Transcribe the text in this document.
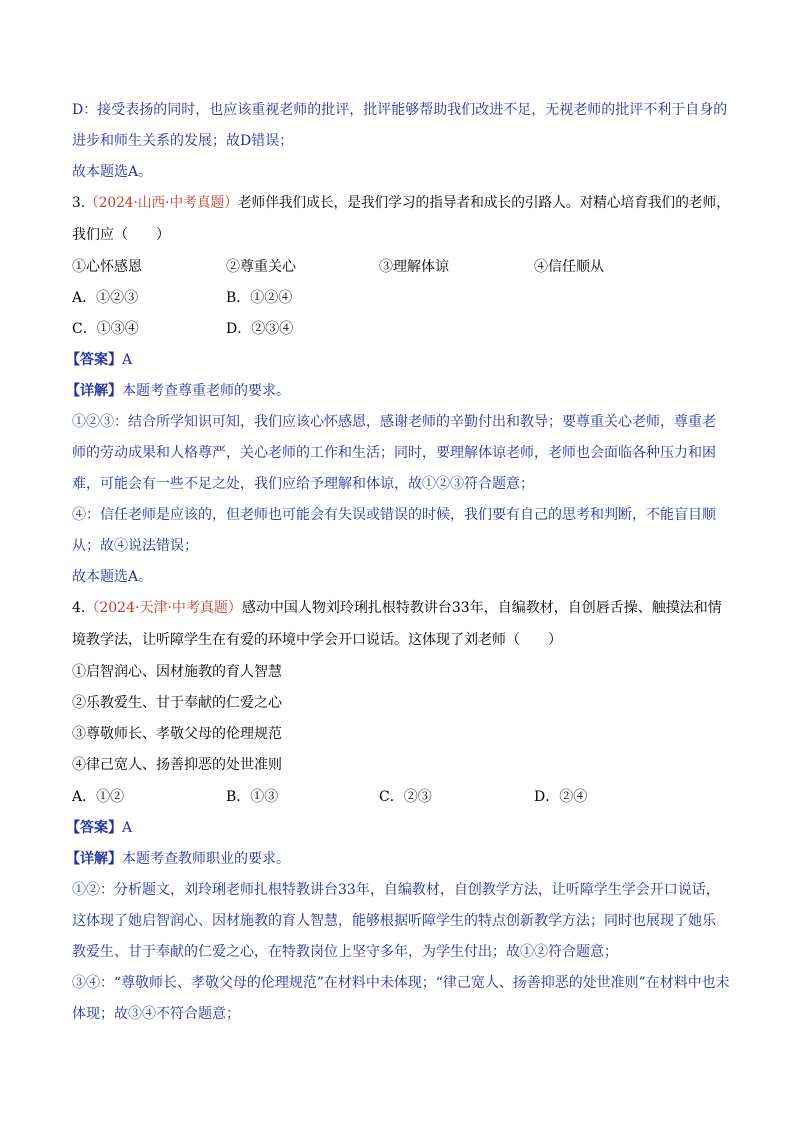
D：接受表扬的同时，也应该重视老师的批评，批评能够帮助我们改进不足，无视老师的批评不利于自身的
进步和师生关系的发展；故D错误；
故本题选A。
3.（2024·山西·中考真题）老师伴我们成长，是我们学习的指导者和成长的引路人。对精心培育我们的老师，
我们应（　　）
①心怀感恩	②尊重关心	③理解体谅	④信任顺从
A．①②③	B．①②④
C．①③④	D．②③④
【答案】A
【详解】本题考查尊重老师的要求。
①②③：结合所学知识可知，我们应该心怀感恩，感谢老师的辛勤付出和教导；要尊重关心老师，尊重老
师的劳动成果和人格尊严，关心老师的工作和生活；同时，要理解体谅老师，老师也会面临各种压力和困
难，可能会有一些不足之处，我们应给予理解和体谅，故①②③符合题意；
④：信任老师是应该的，但老师也可能会有失误或错误的时候，我们要有自己的思考和判断，不能盲目顺
从；故④说法错误；
故本题选A。
4.（2024·天津·中考真题）感动中国人物刘玲琍扎根特教讲台33年，自编教材，自创唇舌操、触摸法和情
境教学法，让听障学生在有爱的环境中学会开口说话。这体现了刘老师（　　）
①启智润心、因材施教的育人智慧
②乐教爱生、甘于奉献的仁爱之心
③尊敬师长、孝敬父母的伦理规范
④律己宽人、扬善抑恶的处世准则
A．①②	B．①③	C．②③	D．②④
【答案】A
【详解】本题考查教师职业的要求。
①②：分析题文，刘玲琍老师扎根特教讲台33年，自编教材，自创教学方法，让听障学生学会开口说话，
这体现了她启智润心、因材施教的育人智慧，能够根据听障学生的特点创新教学方法；同时也展现了她乐
教爱生、甘于奉献的仁爱之心，在特教岗位上坚守多年，为学生付出；故①②符合题意；
③④：“尊敬师长、孝敬父母的伦理规范”在材料中未体现；“律己宽人、扬善抑恶的处世准则”在材料中也未
体现；故③④不符合题意；
